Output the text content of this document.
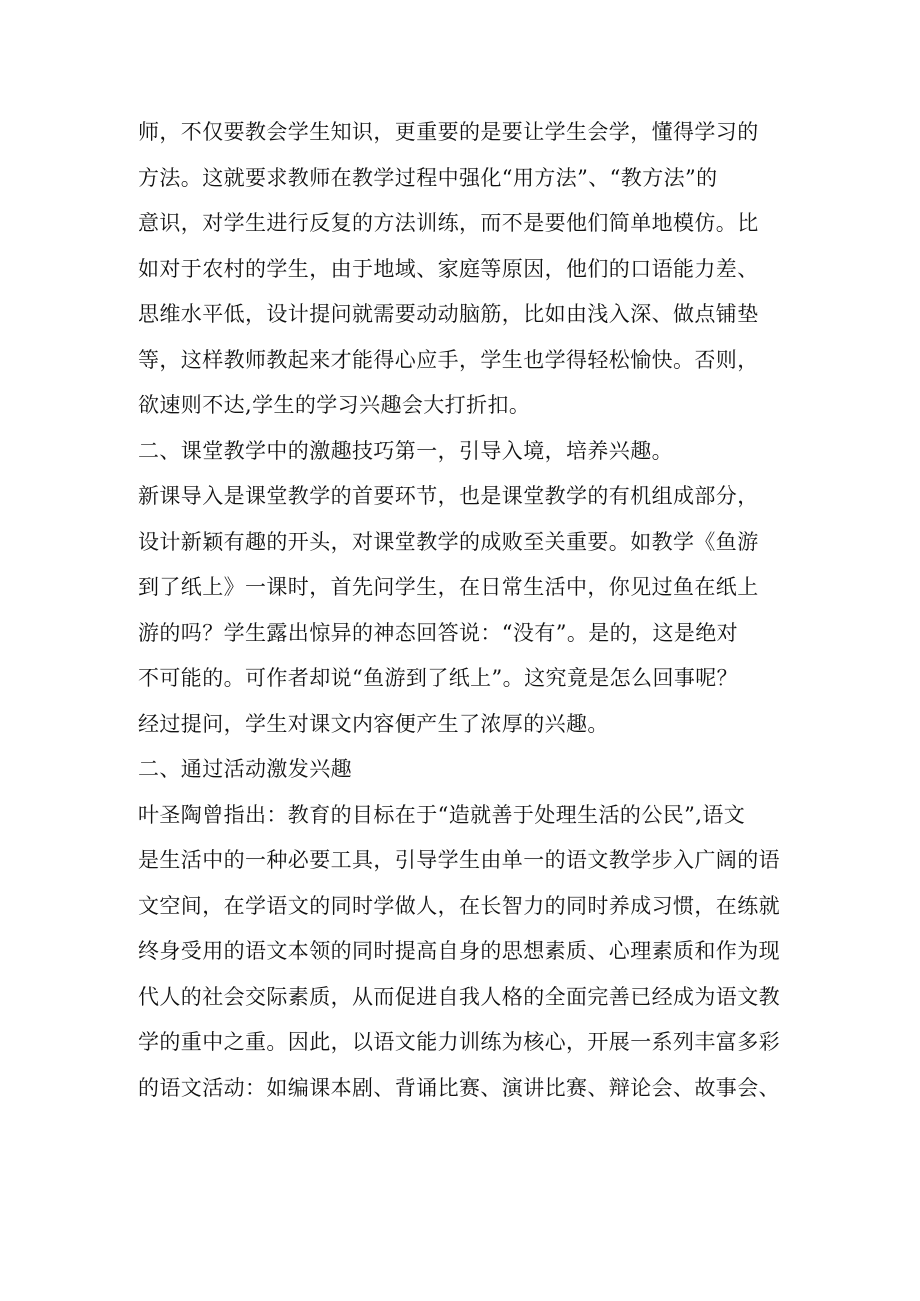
师，不仅要教会学生知识，更重要的是要让学生会学，懂得学习的
方法。这就要求教师在教学过程中强化“用方法”、“教方法”的
意识，对学生进行反复的方法训练，而不是要他们简单地模仿。比
如对于农村的学生，由于地域、家庭等原因，他们的口语能力差、
思维水平低，设计提问就需要动动脑筋，比如由浅入深、做点铺垫
等，这样教师教起来才能得心应手，学生也学得轻松愉快。否则，
欲速则不达,学生的学习兴趣会大打折扣。
二、课堂教学中的激趣技巧第一，引导入境，培养兴趣。
新课导入是课堂教学的首要环节，也是课堂教学的有机组成部分，
设计新颖有趣的开头，对课堂教学的成败至关重要。如教学《鱼游
到了纸上》一课时，首先问学生，在日常生活中，你见过鱼在纸上
游的吗？学生露出惊异的神态回答说：“没有”。是的，这是绝对
不可能的。可作者却说“鱼游到了纸上”。这究竟是怎么回事呢？
经过提问，学生对课文内容便产生了浓厚的兴趣。
二、通过活动激发兴趣
叶圣陶曾指出：教育的目标在于“造就善于处理生活的公民”,语文
是生活中的一种必要工具，引导学生由单一的语文教学步入广阔的语
文空间，在学语文的同时学做人，在长智力的同时养成习惯，在练就
终身受用的语文本领的同时提高自身的思想素质、心理素质和作为现
代人的社会交际素质，从而促进自我人格的全面完善已经成为语文教
学的重中之重。因此，以语文能力训练为核心，开展一系列丰富多彩
的语文活动：如编课本剧、背诵比赛、演讲比赛、辩论会、故事会、
